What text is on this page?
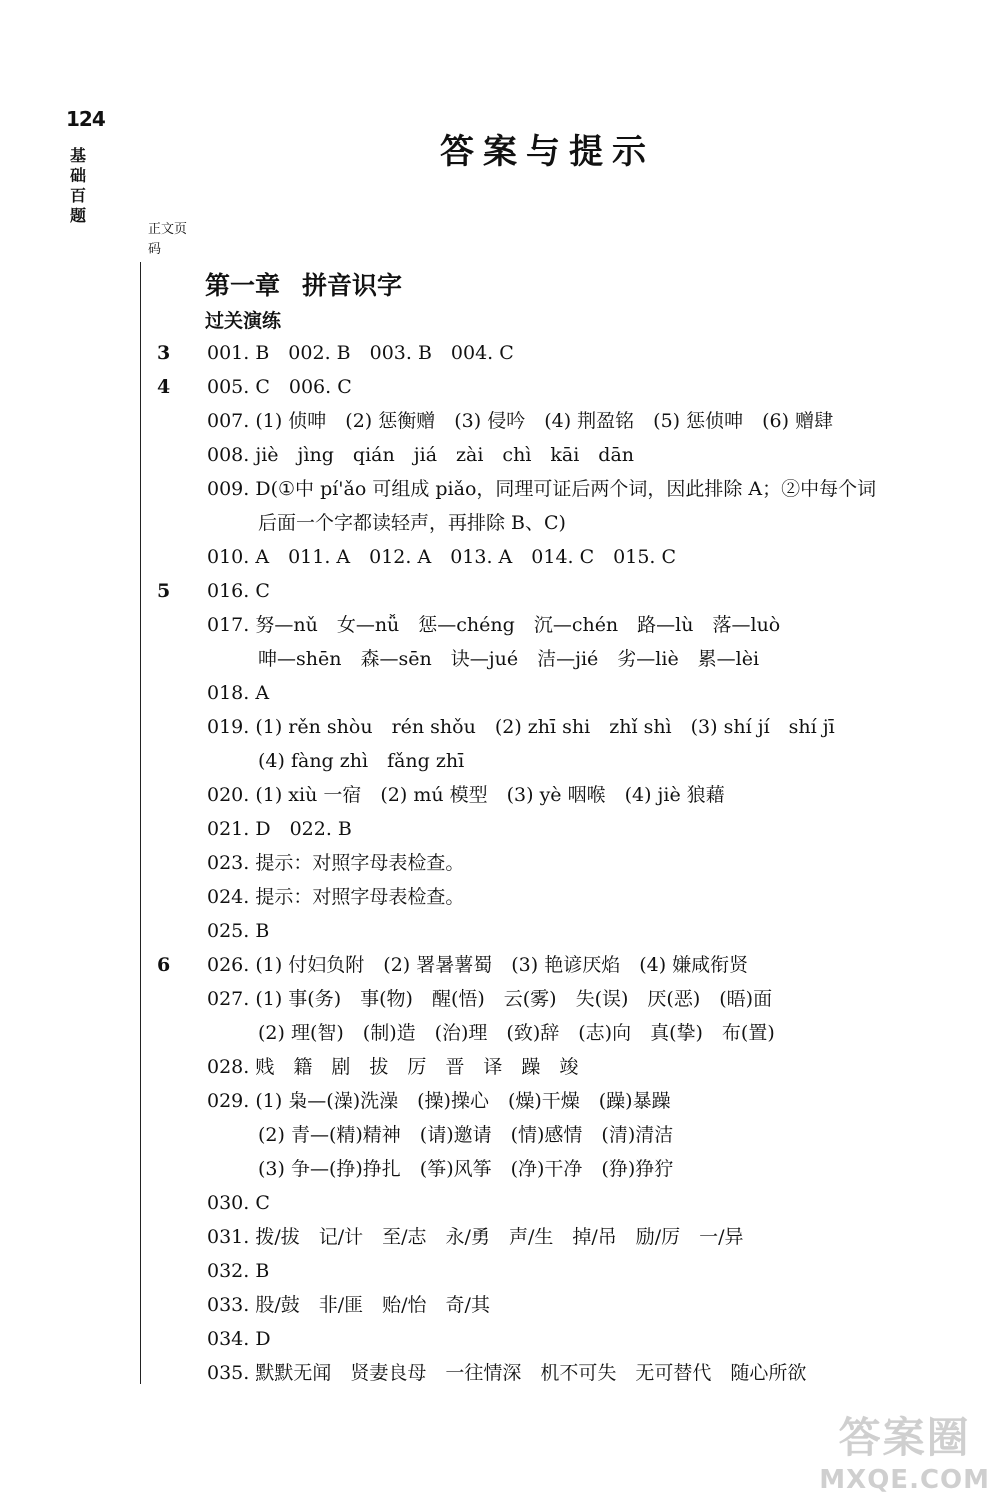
124
基础百题
答案与提示
正文页码
第一章 拼音识字
过关演练
3 001. B　002. B　003. B　004. C
4 005. C　006. C
007. (1) 侦呻　(2) 惩衡赠　(3) 侵吟　(4) 荆盈铭　(5) 惩侦呻　(6) 赠肆
008. jiè　jìng　qián　jiá　zài　chì　kāi　dān
009. D(①中 pí'ǎo 可组成 piǎo，同理可证后两个词，因此排除 A；②中每个词
后面一个字都读轻声，再排除 B、C)
010. A　011. A　012. A　013. A　014. C　015. C
5 016. C
017. 努—nǔ　女—nǚ　惩—chéng　沉—chén　路—lù　落—luò
呻—shēn　森—sēn　诀—jué　洁—jié　劣—liè　累—lèi
018. A
019. (1) rěn shòu　rén shǒu　(2) zhī shi　zhǐ shì　(3) shí jí　shí jī
(4) fàng zhì　fǎng zhī
020. (1) xiù 一宿　(2) mú 模型　(3) yè 咽喉　(4) jiè 狼藉
021. D　022. B
023. 提示：对照字母表检查。
024. 提示：对照字母表检查。
025. B
6 026. (1) 付妇负附　(2) 署暑薯蜀　(3) 艳谚厌焰　(4) 嫌咸衔贤
027. (1) 事(务)　事(物)　醒(悟)　云(雾)　失(误)　厌(恶)　(晤)面
(2) 理(智)　(制)造　(治)理　(致)辞　(志)向　真(挚)　布(置)
028. 贱　籍　剧　拔　厉　晋　译　躁　竣
029. (1) 枭—(澡)洗澡　(操)操心　(燥)干燥　(躁)暴躁
(2) 青—(精)精神　(请)邀请　(情)感情　(清)清洁
(3) 争—(挣)挣扎　(筝)风筝　(净)干净　(狰)狰狞
030. C
031. 拨/拔　记/计　至/志　永/勇　声/生　掉/吊　励/厉　一/异
032. B
033. 股/鼓　非/匪　贻/怡　奇/其
034. D
035. 默默无闻　贤妻良母　一往情深　机不可失　无可替代　随心所欲
答案圈
MXQE.COM
